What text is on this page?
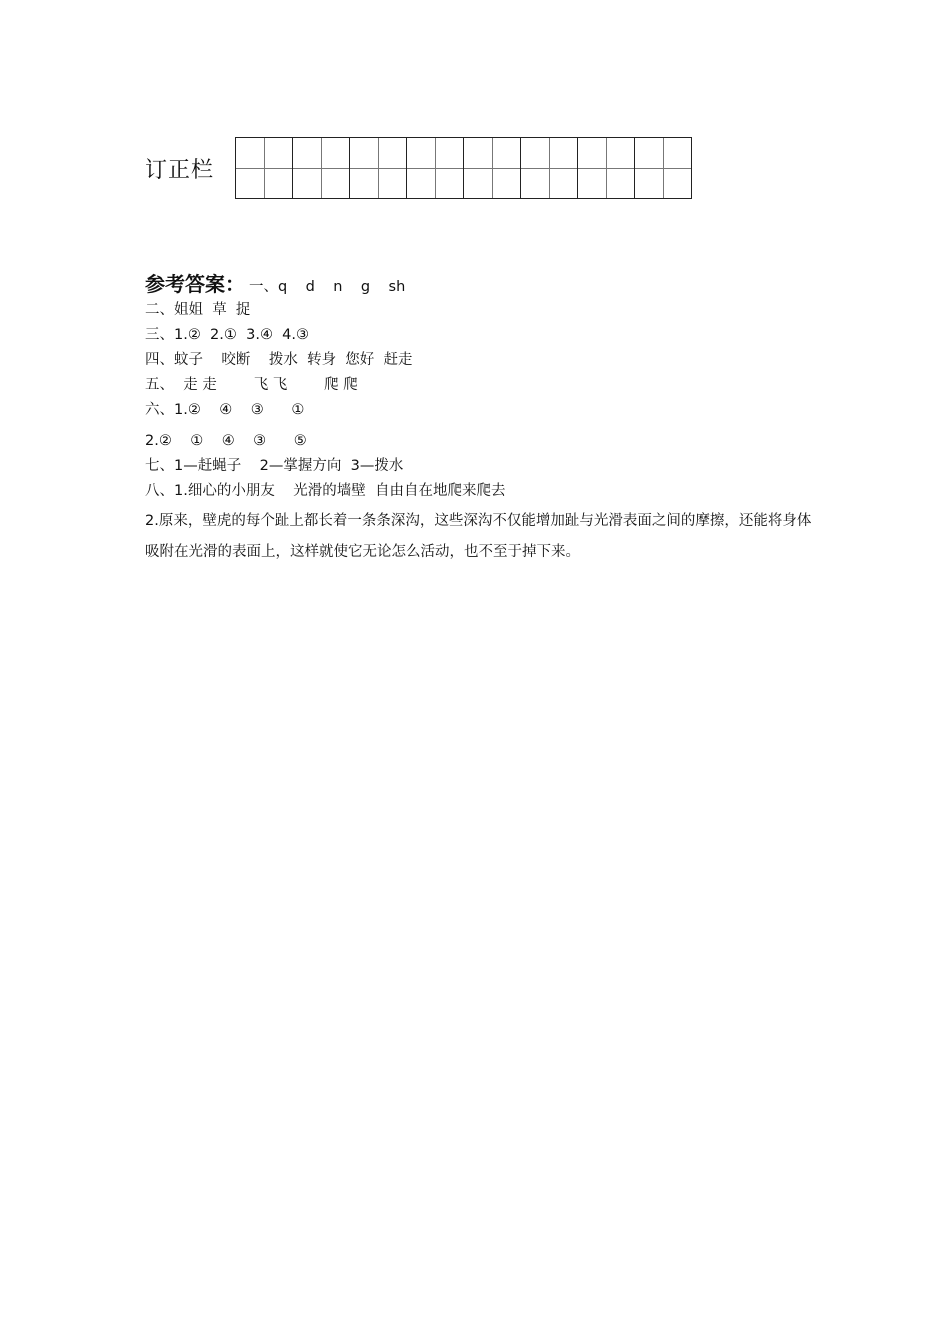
订正栏
参考答案： 一、q    d    n    g    sh
二、姐姐  草  捉
三、1.②  2.①  3.④  4.③
四、蚊子    咬断    拨水  转身  您好  赶走
五、  走 走        飞 飞        爬 爬
六、1.②    ④    ③      ①
2.②    ①    ④    ③      ⑤
七、1—赶蝇子    2—掌握方向  3—拨水
八、1.细心的小朋友    光滑的墙壁  自由自在地爬来爬去
2.原来，壁虎的每个趾上都长着一条条深沟，这些深沟不仅能增加趾与光滑表面之间的摩擦，还能将身体吸附在光滑的表面上，这样就使它无论怎么活动，也不至于掉下来。
